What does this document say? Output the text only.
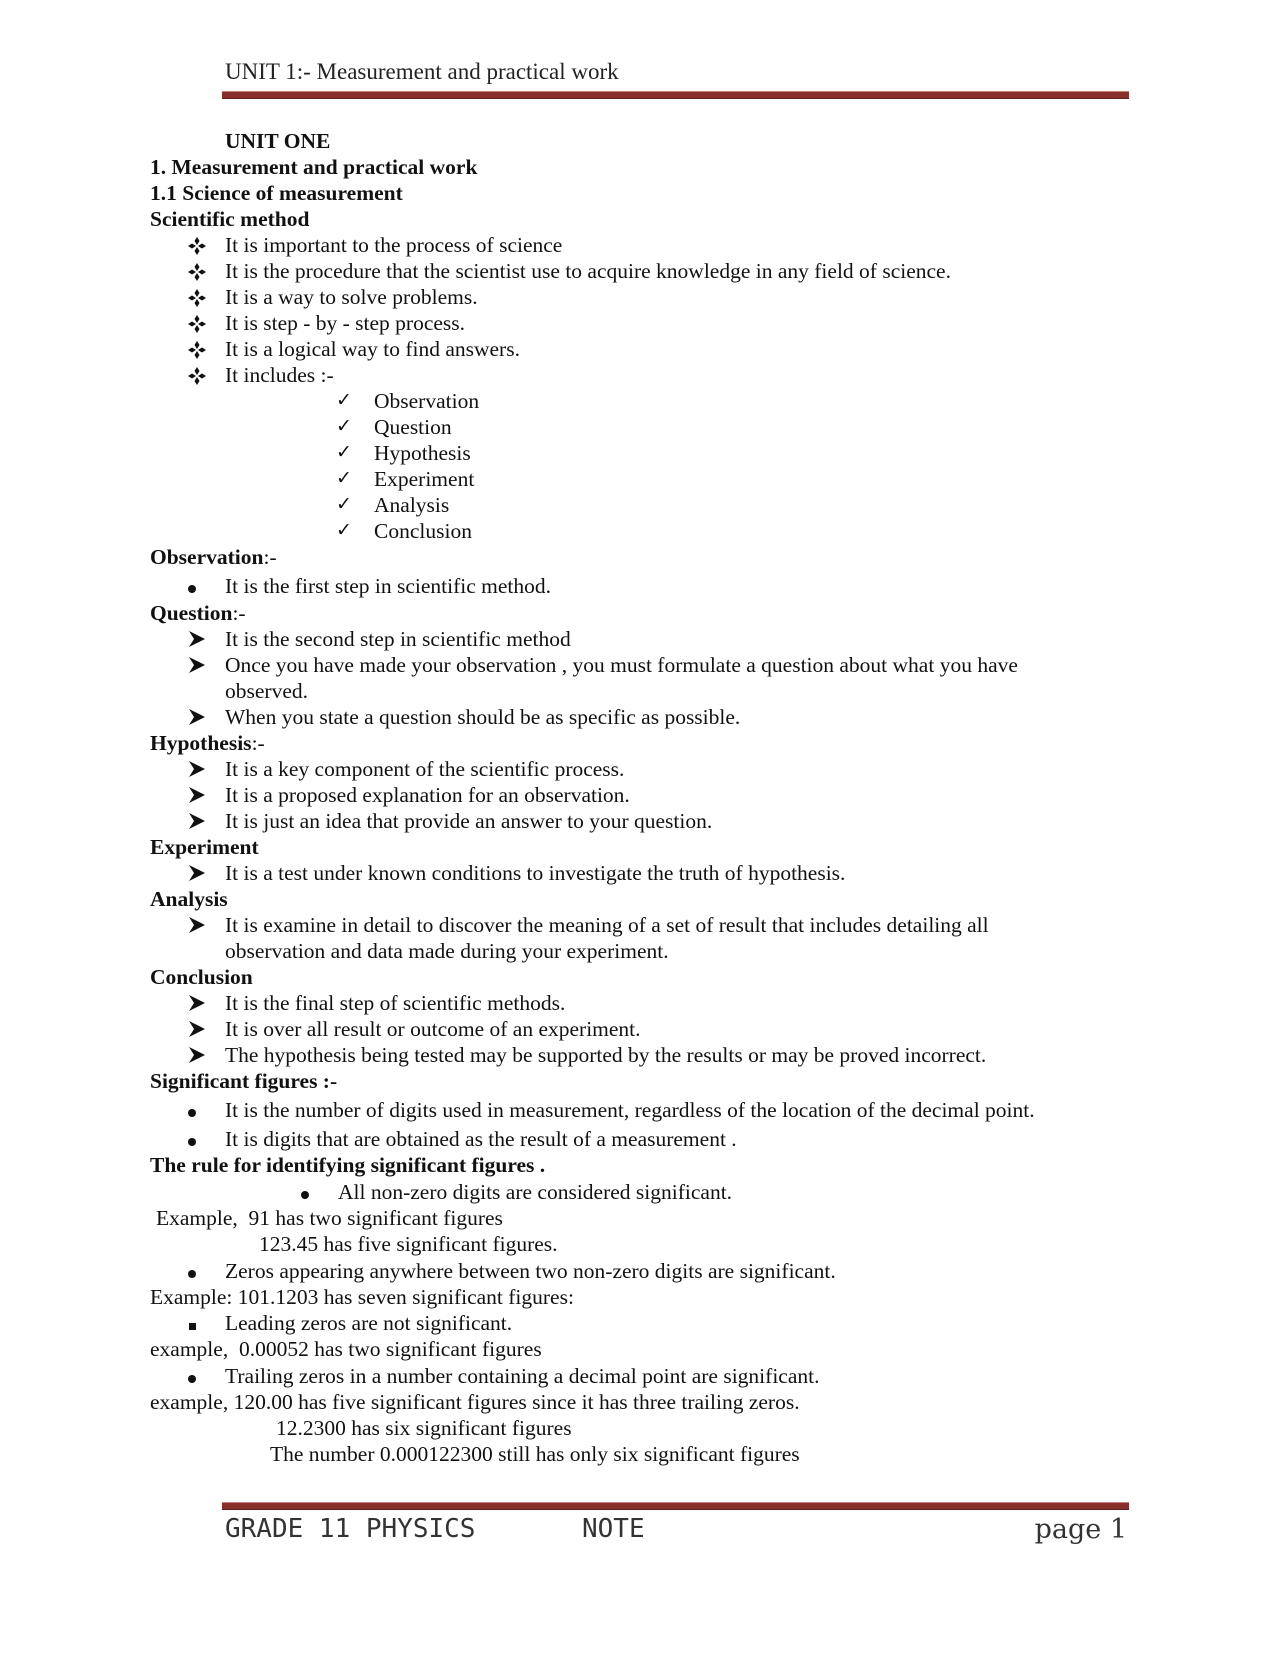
UNIT 1:- Measurement and practical work
UNIT ONE
1. Measurement and practical work
1.1 Science of measurement
Scientific method
It is important to the process of science
It is the procedure that the scientist use to acquire knowledge in any field of science.
It is a way to solve problems.
It is step - by - step process.
It is a logical way to find answers.
It includes :-
✓ Observation
✓ Question
✓ Hypothesis
✓ Experiment
✓ Analysis
✓ Conclusion
Observation:-
It is the first step in scientific method.
Question:-
It is the second step in scientific method
Once you have made your observation , you must formulate a question about what you have
observed.
When you state a question should be as specific as possible.
Hypothesis:-
It is a key component of the scientific process.
It is a proposed explanation for an observation.
It is just an idea that provide an answer to your question.
Experiment
It is a test under known conditions to investigate the truth of hypothesis.
Analysis
It is examine in detail to discover the meaning of a set of result that includes detailing all
observation and data made during your experiment.
Conclusion
It is the final step of scientific methods.
It is over all result or outcome of an experiment.
The hypothesis being tested may be supported by the results or may be proved incorrect.
Significant figures :-
It is the number of digits used in measurement, regardless of the location of the decimal point.
It is digits that are obtained as the result of a measurement .
The rule for identifying significant figures .
All non-zero digits are considered significant.
Example,  91 has two significant figures
123.45 has five significant figures.
Zeros appearing anywhere between two non-zero digits are significant.
Example: 101.1203 has seven significant figures:
Leading zeros are not significant.
example,  0.00052 has two significant figures
Trailing zeros in a number containing a decimal point are significant.
example, 120.00 has five significant figures since it has three trailing zeros.
12.2300 has six significant figures
The number 0.000122300 still has only six significant figures
GRADE 11 PHYSICS	NOTE	page 1
